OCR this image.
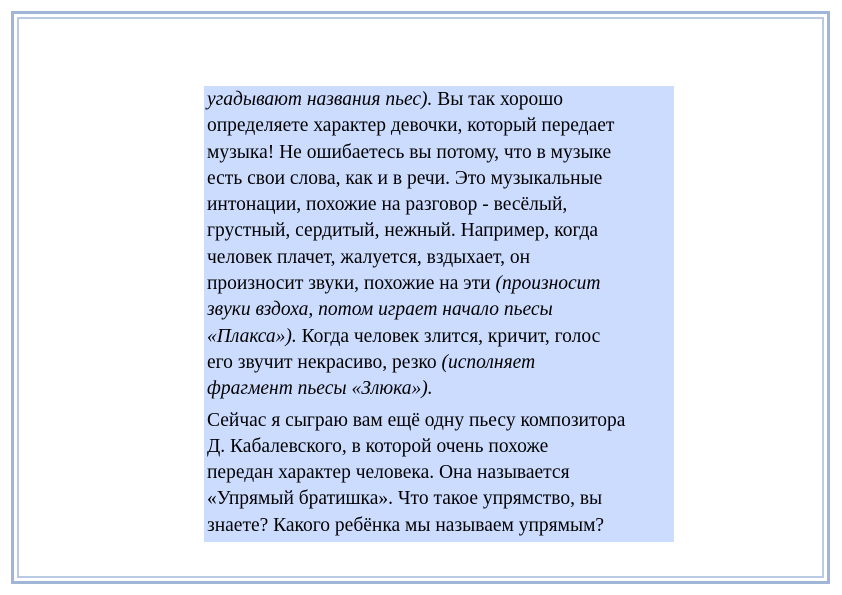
угадывают названия пьес). Вы так хорошо
определяете характер девочки, который передает
музыка! Не ошибаетесь вы потому, что в музыке
есть свои слова, как и в речи. Это музыкальные
интонации, похожие на разговор - весёлый,
грустный, сердитый, нежный. Например, когда
человек плачет, жалуется, вздыхает, он
произносит звуки, похожие на эти (произносит
звуки вздоха, потом играет начало пьесы
«Плакса»). Когда человек злится, кричит, голос
его звучит некрасиво, резко (исполняет
фрагмент пьесы «Злюка»).

Сейчас я сыграю вам ещё одну пьесу композитора
Д. Кабалевского, в которой очень похоже
передан характер человека. Она называется
«Упрямый братишка». Что такое упрямство, вы
знаете? Какого ребёнка мы называем упрямым?
